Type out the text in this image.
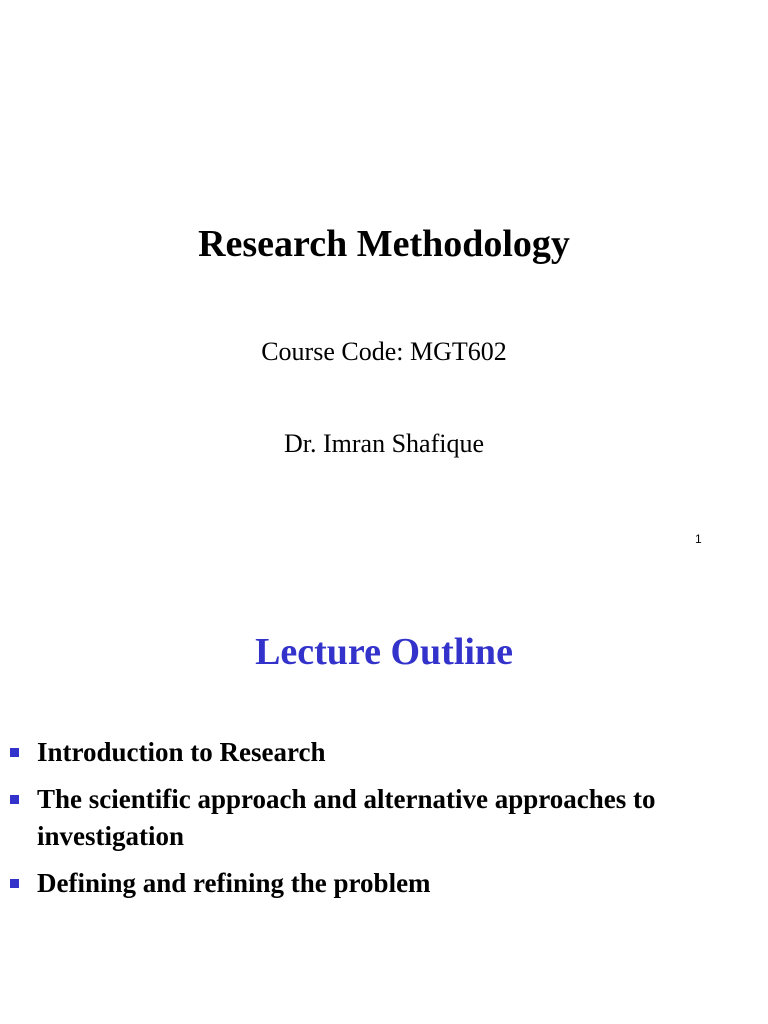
Research Methodology
Course Code: MGT602
Dr. Imran Shafique
1
Lecture Outline
Introduction to Research
The scientific approach and alternative approaches to investigation
Defining and refining the problem
